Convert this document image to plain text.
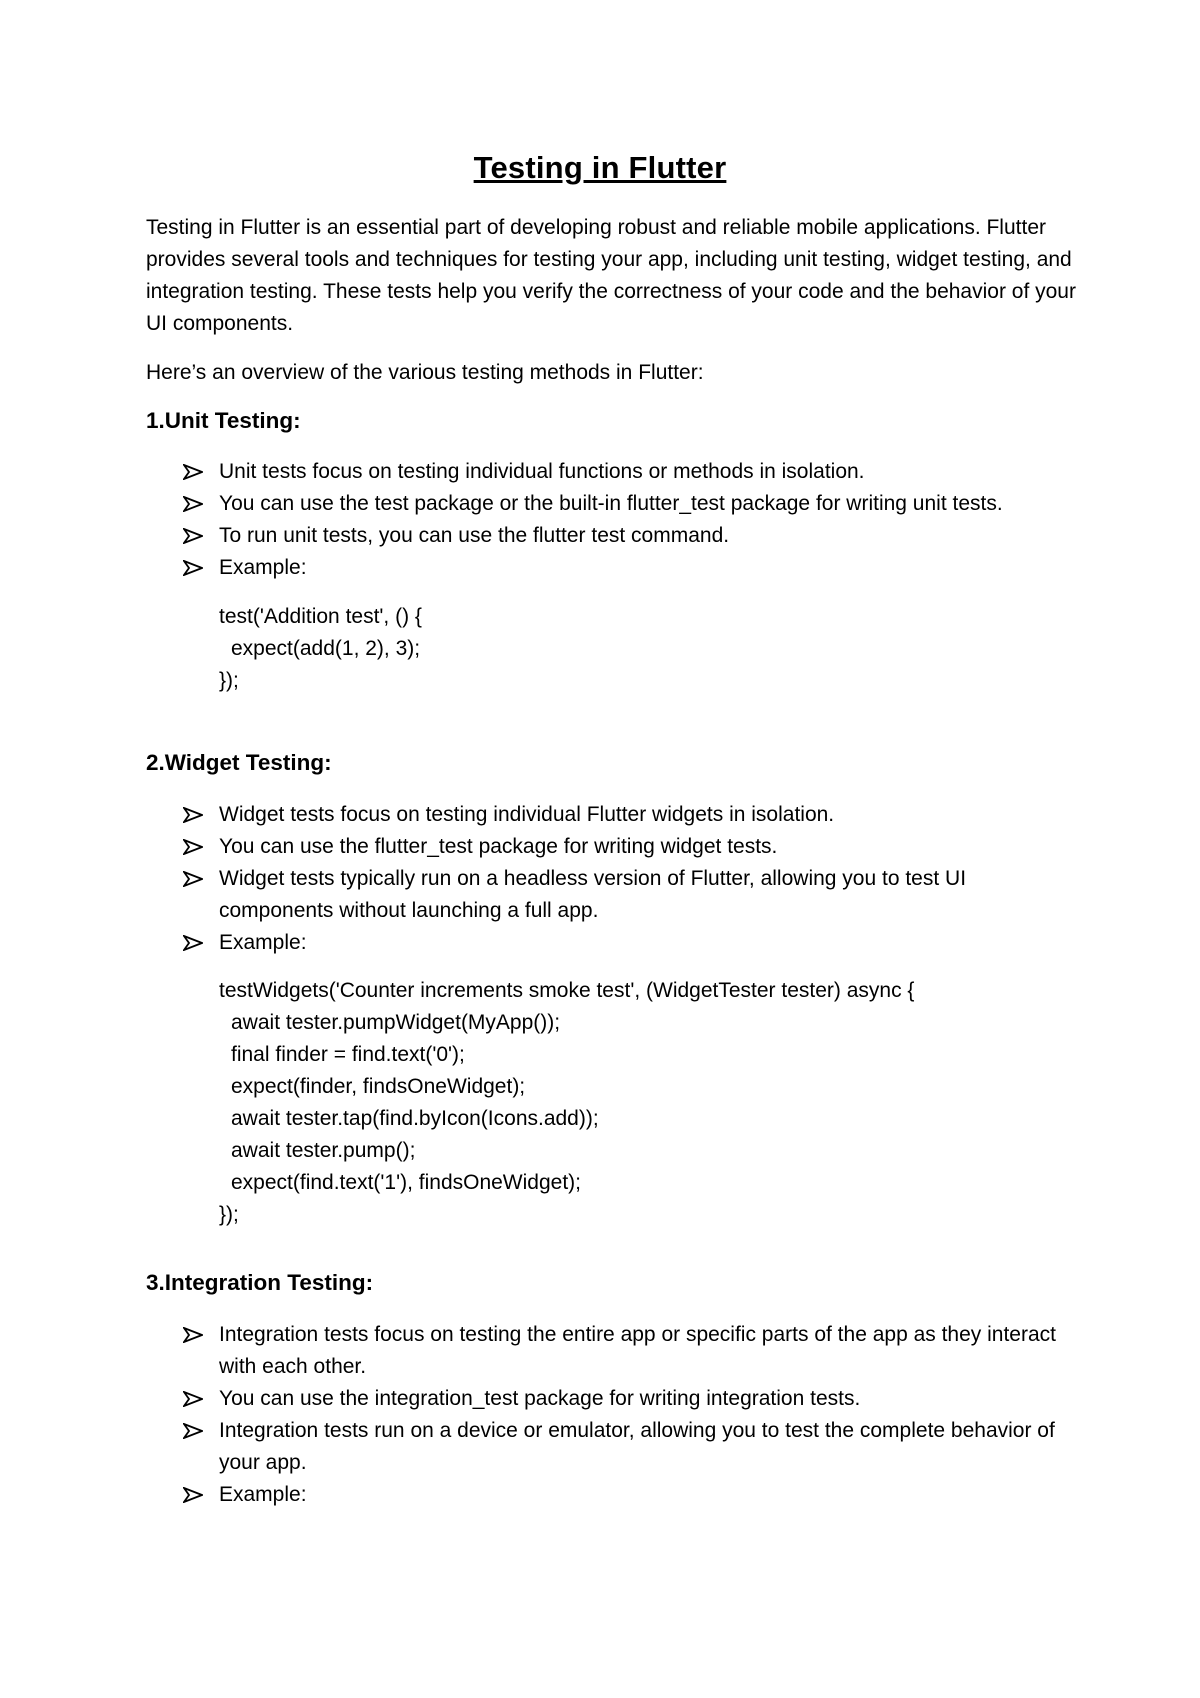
Testing in Flutter
Testing in Flutter is an essential part of developing robust and reliable mobile applications. Flutter provides several tools and techniques for testing your app, including unit testing, widget testing, and integration testing. These tests help you verify the correctness of your code and the behavior of your UI components.
Here’s an overview of the various testing methods in Flutter:
1.Unit Testing:
Unit tests focus on testing individual functions or methods in isolation.
You can use the test package or the built-in flutter_test package for writing unit tests.
To run unit tests, you can use the flutter test command.
Example:
test('Addition test', () {
expect(add(1, 2), 3);
});
2.Widget Testing:
Widget tests focus on testing individual Flutter widgets in isolation.
You can use the flutter_test package for writing widget tests.
Widget tests typically run on a headless version of Flutter, allowing you to test UI components without launching a full app.
Example:
testWidgets('Counter increments smoke test', (WidgetTester tester) async {
await tester.pumpWidget(MyApp());
final finder = find.text('0');
expect(finder, findsOneWidget);
await tester.tap(find.byIcon(Icons.add));
await tester.pump();
expect(find.text('1'), findsOneWidget);
});
3.Integration Testing:
Integration tests focus on testing the entire app or specific parts of the app as they interact with each other.
You can use the integration_test package for writing integration tests.
Integration tests run on a device or emulator, allowing you to test the complete behavior of your app.
Example:
